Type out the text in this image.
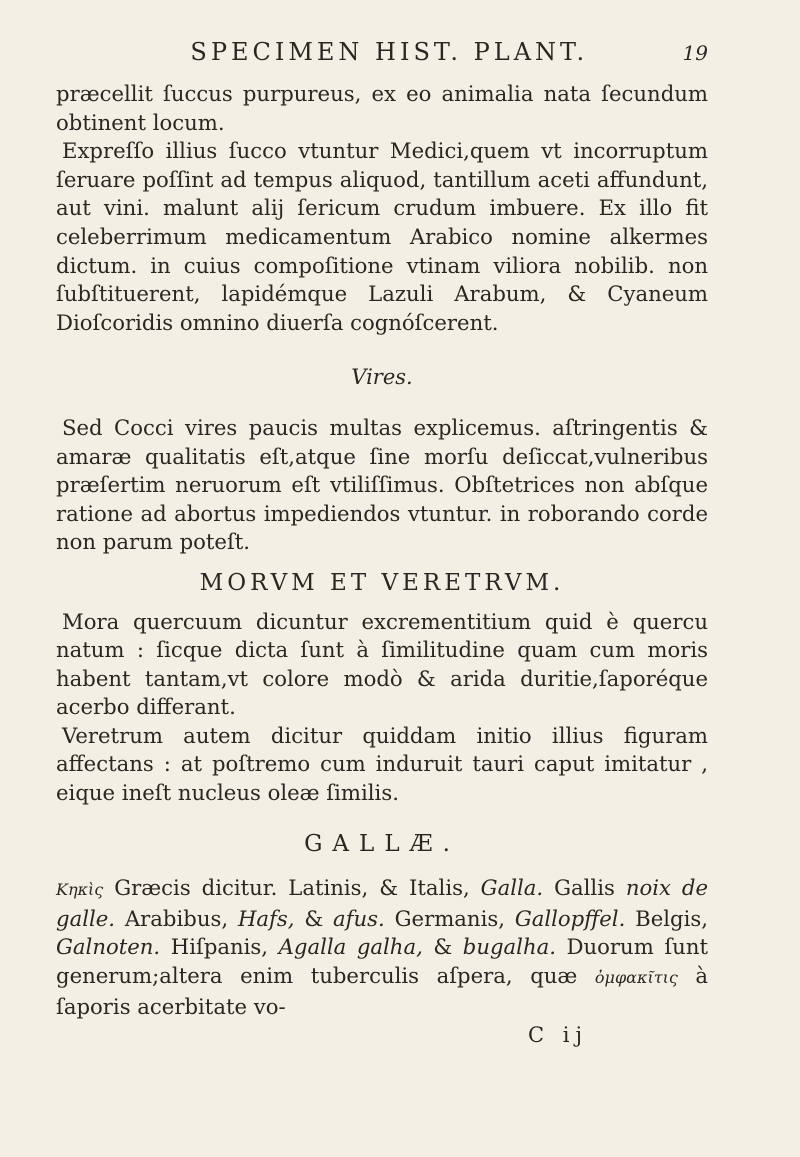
SPECIMEN HIST. PLANT.	19

præcellit ſuccus purpureus, ex eo animalia nata ſecundum obtinent locum.

Expreſſo illius ſucco vtuntur Medici,quem vt incorruptum ſeruare poſſint ad tempus aliquod, tantillum aceti affundunt, aut vini. malunt alij ſericum crudum imbuere. Ex illo fit celeberrimum medicamentum Arabico nomine alkermes dictum. in cuius compoſitione vtinam viliora nobilib. non ſubſtituerent, lapidémque Lazuli Arabum, & Cyaneum Dioſcoridis omnino diuerſa cognóſcerent.

Vires.

Sed Cocci vires paucis multas explicemus. aſtringentis & amaræ qualitatis eſt,atque ſine morſu deſiccat,vulneribus præſertim neruorum eſt vtiliſſimus. Obſtetrices non abſque ratione ad abortus impediendos vtuntur. in roborando corde non parum poteſt.

MORVM ET VERETRVM.

Mora quercuum dicuntur excrementitium quid è quercu natum : ſicque dicta ſunt à ſimilitudine quam cum moris habent tantam,vt colore modò & arida duritie,ſaporéque acerbo differant.

Veretrum autem dicitur quiddam initio illius figuram affectans : at poſtremo cum induruit tauri caput imitatur , eique ineſt nucleus oleæ ſimilis.

GALLÆ.

Κηκὶς Græcis dicitur. Latinis, & Italis, Galla. Gallis noix de galle. Arabibus, Hafs, & afus. Germanis, Gallopffel. Belgis, Galnoten. Hiſpanis, Agalla galha, & bugalha. Duorum ſunt generum;altera enim tuberculis aſpera, quæ ὀμφακῖτις à ſaporis acerbitate vo-

C ij
